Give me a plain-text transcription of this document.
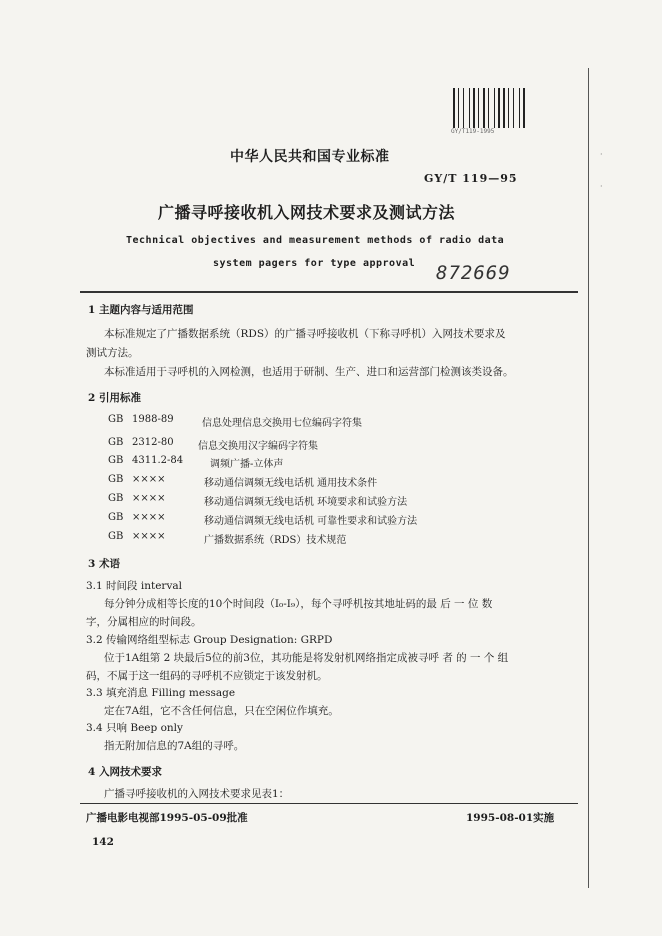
·
·
GY/T119-1995
中华人民共和国专业标准
GY/T 119—95
广播寻呼接收机入网技术要求及测试方法
Technical objectives and measurement methods of radio data
system pagers for type approval 872669
1 主题内容与适用范围
本标准规定了广播数据系统（RDS）的广播寻呼接收机（下称寻呼机）入网技术要求及
测试方法。
本标准适用于寻呼机的入网检测，也适用于研制、生产、进口和运营部门检测该类设备。
2 引用标准
GB 1988-89	信息处理信息交换用七位编码字符集
GB 2312-80 信息交换用汉字编码字符集
GB 4311.2-84	调频广播-立体声
GB ××××	移动通信调频无线电话机 通用技术条件
GB ××××	移动通信调频无线电话机 环境要求和试验方法
GB ××××	移动通信调频无线电话机 可靠性要求和试验方法
GB ××××	广播数据系统（RDS）技术规范
3 术语
3.1 时间段 interval
每分钟分成相等长度的10个时间段（I₀-I₉），每个寻呼机按其地址码的最 后 一 位 数
字，分属相应的时间段。
3.2 传输网络组型标志 Group Designation: GRPD
位于1A组第 2 块最后5位的前3位，其功能是将发射机网络指定成被寻呼 者 的 一 个 组
码，不属于这一组码的寻呼机不应锁定于该发射机。
3.3 填充消息 Filling message
定在7A组，它不含任何信息，只在空闲位作填充。
3.4 只响 Beep only
指无附加信息的7A组的寻呼。
4 入网技术要求
广播寻呼接收机的入网技术要求见表1：
广播电影电视部1995-05-09批准	1995-08-01实施
142
